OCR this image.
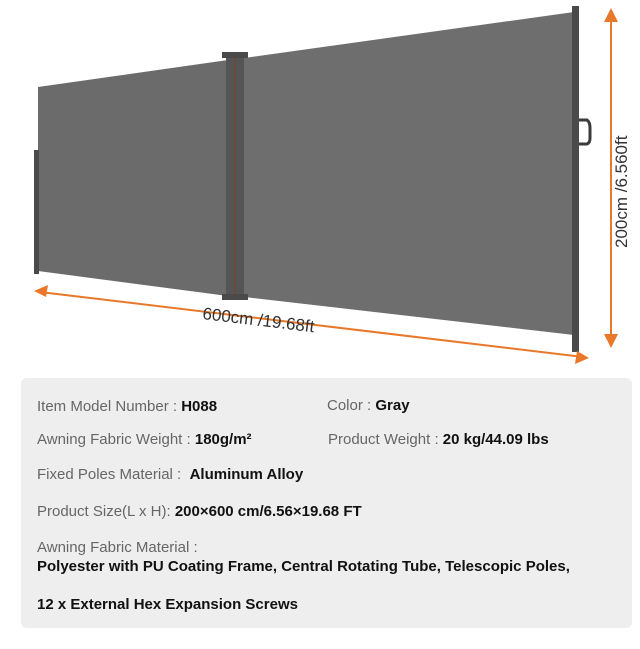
600cm /19.68ft
200cm /6.560ft
Item Model Number : H088	Color : Gray
Awning Fabric Weight : 180g/m²	Product Weight : 20 kg/44.09 lbs
Fixed Poles Material :  Aluminum Alloy
Product Size(L x H): 200×600 cm/6.56×19.68 FT
Awning Fabric Material :
Polyester with PU Coating Frame, Central Rotating Tube, Telescopic Poles,
12 x External Hex Expansion Screws
